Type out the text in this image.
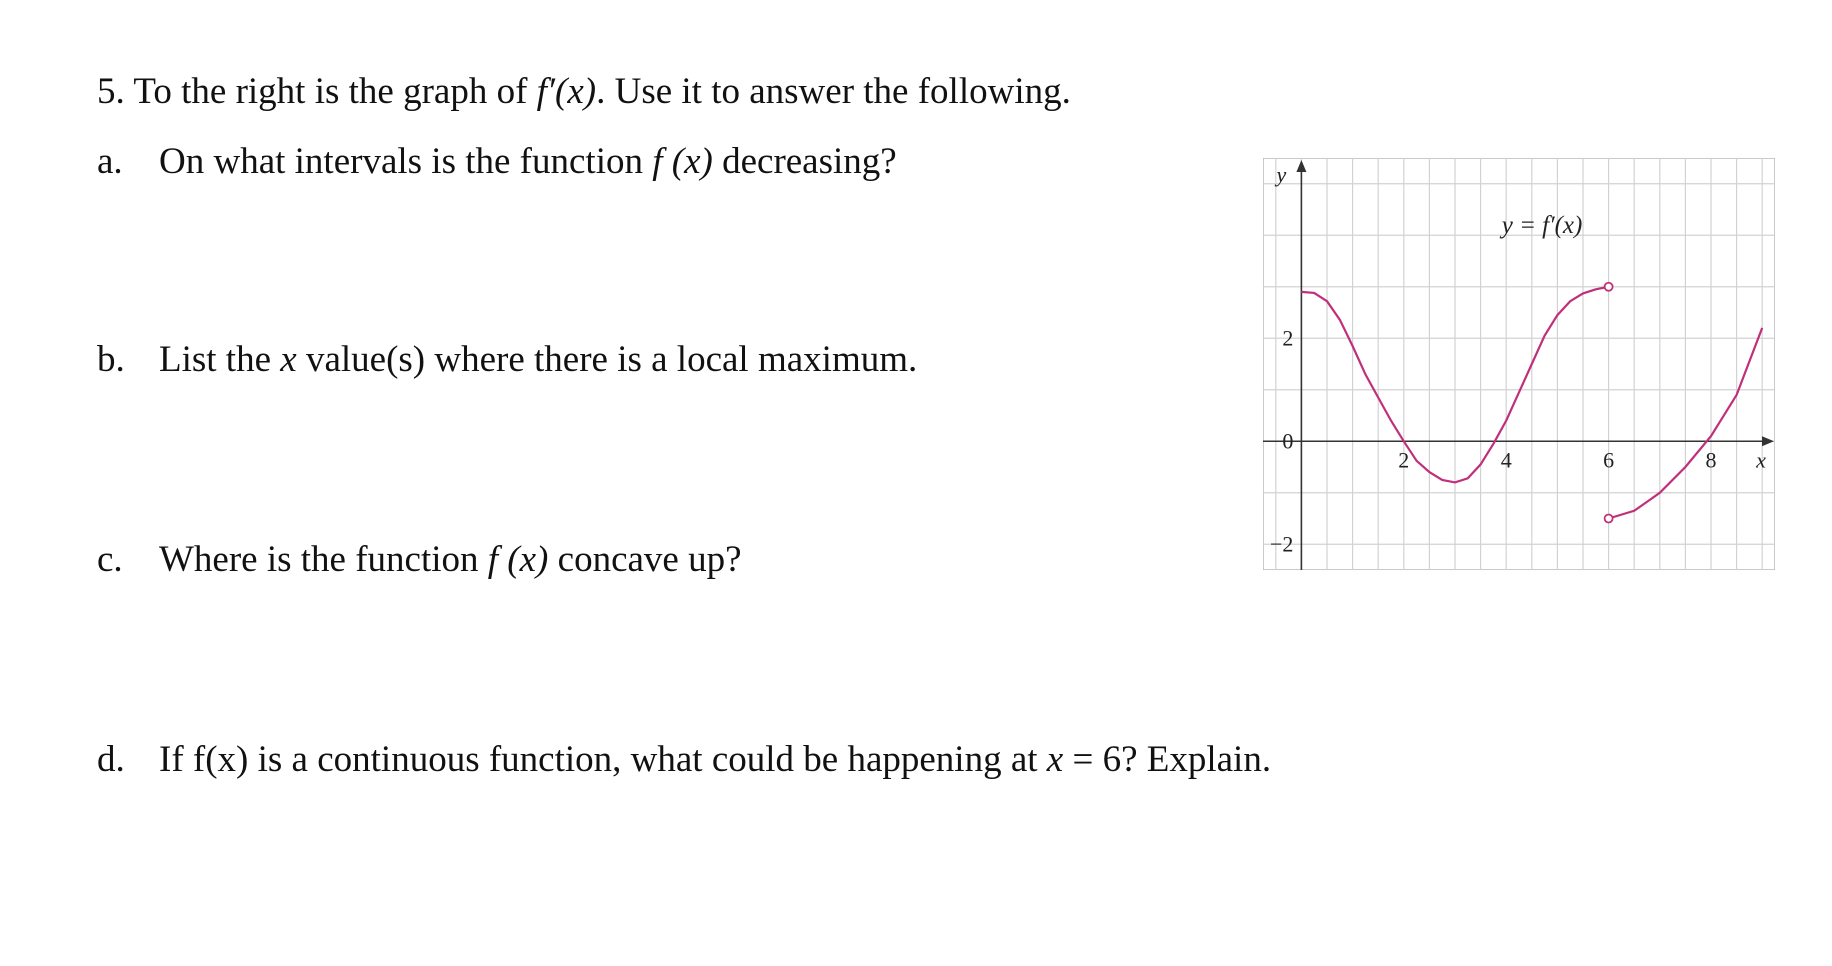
5. To the right is the graph of f′(x). Use it to answer the following.
a. On what intervals is the function f (x) decreasing?
b. List the x value(s) where there is a local maximum.
c. Where is the function f (x) concave up?
d. If f(x) is a continuous function, what could be happening at x = 6? Explain.
2	4	6	8
2
0
−2
x
y
y = f′(x)
